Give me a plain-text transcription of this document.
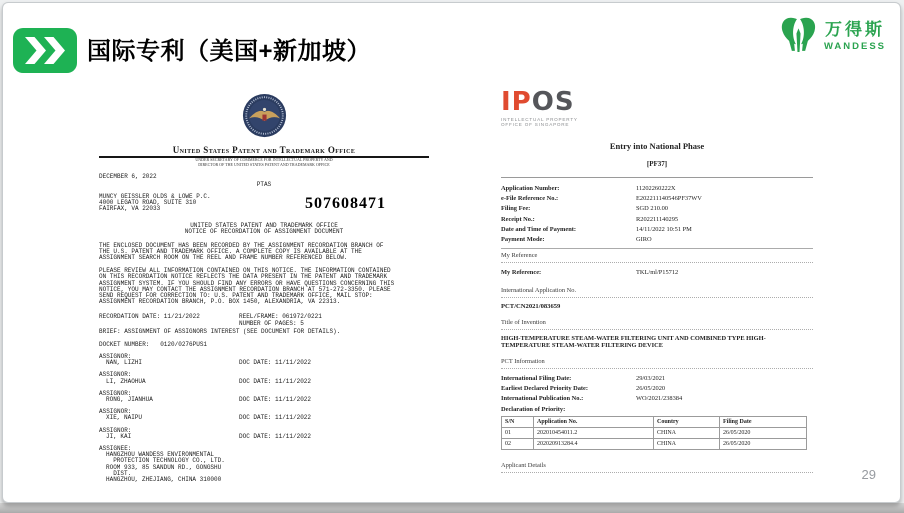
国际专利（美国+新加坡）
万得斯
WANDESS
United States Patent and Trademark Office
UNDER SECRETARY OF COMMERCE FOR INTELLECTUAL PROPERTY AND
DIRECTOR OF THE UNITED STATES PATENT AND TRADEMARK OFFICE
DECEMBER 6, 2022
PTAS
MUNCY GEISSLER OLDS & LOWE P.C.
4000 LEGATO ROAD, SUITE 310
FAIRFAX, VA 22033	507608471
UNITED STATES PATENT AND TRADEMARK OFFICE
NOTICE OF RECORDATION OF ASSIGNMENT DOCUMENT
THE ENCLOSED DOCUMENT HAS BEEN RECORDED BY THE ASSIGNMENT RECORDATION BRANCH OF THE U.S. PATENT AND TRADEMARK OFFICE. A COMPLETE COPY IS AVAILABLE AT THE ASSIGNMENT SEARCH ROOM ON THE REEL AND FRAME NUMBER REFERENCED BELOW.
PLEASE REVIEW ALL INFORMATION CONTAINED ON THIS NOTICE. THE INFORMATION CONTAINED ON THIS RECORDATION NOTICE REFLECTS THE DATA PRESENT IN THE PATENT AND TRADEMARK ASSIGNMENT SYSTEM. IF YOU SHOULD FIND ANY ERRORS OR HAVE QUESTIONS CONCERNING THIS NOTICE, YOU MAY CONTACT THE ASSIGNMENT RECORDATION BRANCH AT 571-272-3350. PLEASE SEND REQUEST FOR CORRECTION TO: U.S. PATENT AND TRADEMARK OFFICE, MAIL STOP: ASSIGNMENT RECORDATION BRANCH, P.O. BOX 1450, ALEXANDRIA, VA 22313.
RECORDATION DATE: 11/21/2022	REEL/FRAME: 061972/0221
NUMBER OF PAGES: 5
BRIEF: ASSIGNMENT OF ASSIGNORS INTEREST (SEE DOCUMENT FOR DETAILS).
DOCKET NUMBER:   0120/0276PUS1
ASSIGNOR:
NAN, LIZHI	DOC DATE: 11/11/2022
ASSIGNOR:
LI, ZHAOHUA	DOC DATE: 11/11/2022
ASSIGNOR:
RONG, JIANHUA	DOC DATE: 11/11/2022
ASSIGNOR:
XIE, NAIPU	DOC DATE: 11/11/2022
ASSIGNOR:
JI, KAI	DOC DATE: 11/11/2022
ASSIGNEE:
HANGZHOU WANDESS ENVIRONMENTAL
PROTECTION TECHNOLOGY CO., LTD.
ROOM 933, 85 SANDUN RD., GONGSHU
DIST.
HANGZHOU, ZHEJIANG, CHINA 310000
IPOS
INTELLECTUAL PROPERTY
OFFICE OF SINGAPORE
Entry into National Phase
[PF37]
Application Number:	11202260222X
e-File Reference No.:	E202211140546PF37WV
Filing Fee:	SGD 210.00
Receipt No.:	R202211140295
Date and Time of Payment:	14/11/2022 10:51 PM
Payment Mode:	GIRO
My Reference
My Reference:	TKL/ml/P15712
International Application No.
PCT/CN2021/083659
Title of Invention
HIGH-TEMPERATURE STEAM-WATER FILTERING UNIT AND COMBINED TYPE HIGH-TEMPERATURE STEAM-WATER FILTERING DEVICE
PCT Information
International Filing Date:	29/03/2021
Earliest Declared Priority Date:	26/05/2020
International Publication No.:	WO/2021/238384
Declaration of Priority:
S/N	Application No.	Country	Filing Date
01	202010454011.2	CHINA	26/05/2020
02	202020913284.4	CHINA	26/05/2020
Applicant Details
29
